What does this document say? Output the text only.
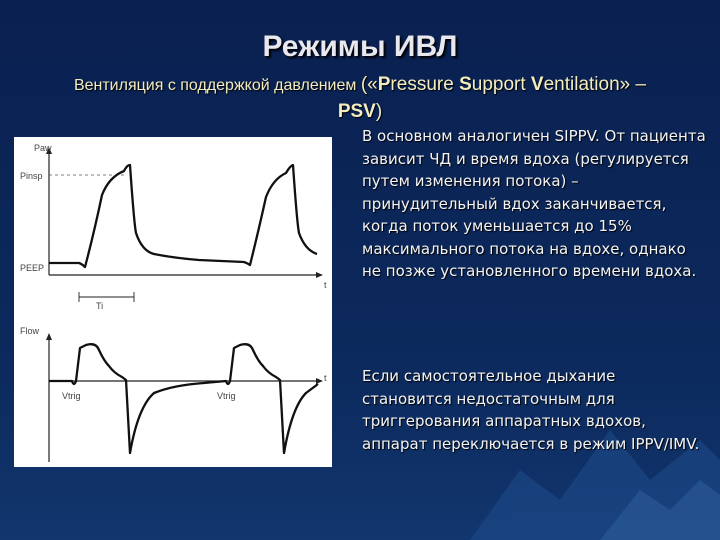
Режимы ИВЛ

Вентиляция с поддержкой давлением («Pressure Support Ventilation» –
PSV)

Paw
Pinsp
PEEP
t
Ti
Flow
t
Vtrig	Vtrig

В основном аналогичен SIPPV. От пациента зависит ЧД и время вдоха (регулируется путем изменения потока) – принудительный вдох заканчивается, когда поток уменьшается до 15% максимального потока на вдохе, однако не позже установленного времени вдоха.

Если самостоятельное дыхание становится недостаточным для триггерования аппаратных вдохов, аппарат переключается в режим IPPV/IMV.
